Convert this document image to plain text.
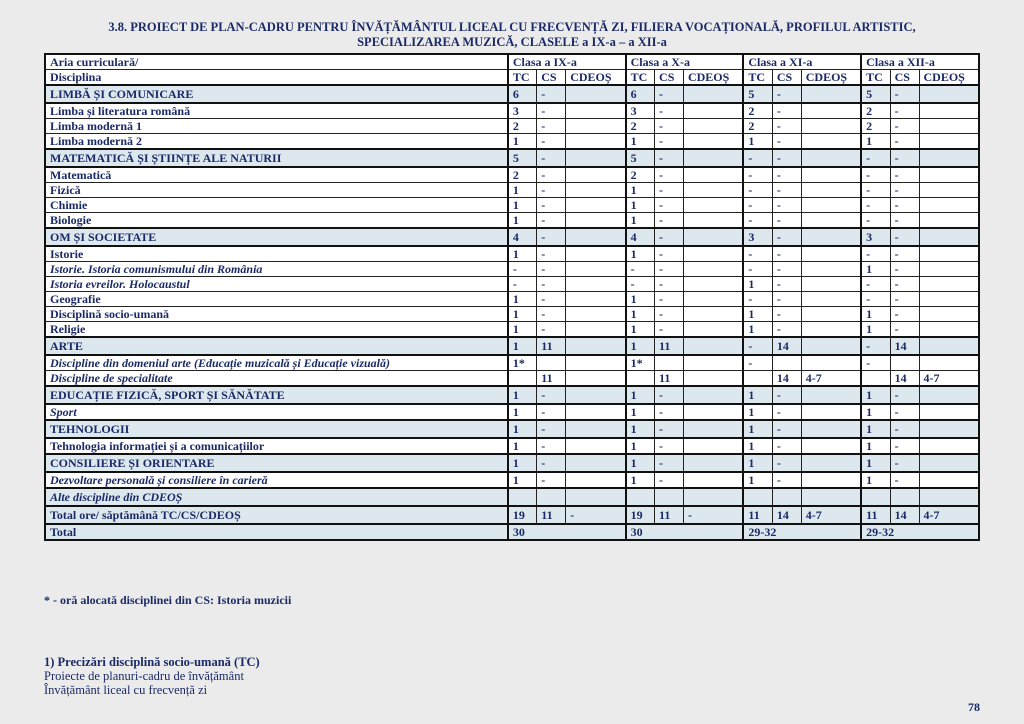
3.8. PROIECT DE PLAN-CADRU PENTRU ÎNVĂȚĂMÂNTUL LICEAL CU FRECVENȚĂ ZI, FILIERA VOCAȚIONALĂ, PROFILUL ARTISTIC,
SPECIALIZAREA MUZICĂ, CLASELE a IX-a – a XII-a
Aria curriculară/	Clasa a IX-a			Clasa a X-a			Clasa a XI-a			Clasa a XII-a		
Disciplina	TC	CS	CDEOȘ	TC	CS	CDEOȘ	TC	CS	CDEOȘ	TC	CS	CDEOȘ
LIMBĂ ȘI COMUNICARE	6	-		6	-		5	-		5	-	
Limba și literatura română	3	-		3	-		2	-		2	-	
Limba modernă 1	2	-		2	-		2	-		2	-	
Limba modernă 2	1	-		1	-		1	-		1	-	
MATEMATICĂ ȘI ȘTIINȚE ALE NATURII	5	-		5	-		-	-		-	-	
Matematică	2	-		2	-		-	-		-	-	
Fizică	1	-		1	-		-	-		-	-	
Chimie	1	-		1	-		-	-		-	-	
Biologie	1	-		1	-		-	-		-	-	
OM ȘI SOCIETATE	4	-		4	-		3	-		3	-	
Istorie	1	-		1	-		-	-		-	-	
Istorie. Istoria comunismului din România	-	-		-	-		-	-		1	-	
Istoria evreilor. Holocaustul	-	-		-	-		1	-		-	-	
Geografie	1	-		1	-		-	-		-	-	
Disciplină socio-umană	1	-		1	-		1	-		1	-	
Religie	1	-		1	-		1	-		1	-	
ARTE	1	11		1	11		-	14		-	14	
Discipline din domeniul arte (Educație muzicală și Educație vizuală)	1*			1*			-			-		
Discipline de specialitate		11			11			14	4-7		14	4-7
EDUCAȚIE FIZICĂ, SPORT ȘI SĂNĂTATE	1	-		1	-		1	-		1	-	
Sport	1	-		1	-		1	-		1	-	
TEHNOLOGII	1	-		1	-		1	-		1	-	
Tehnologia informației și a comunicațiilor	1	-		1	-		1	-		1	-	
CONSILIERE ȘI ORIENTARE	1	-		1	-		1	-		1	-	
Dezvoltare personală și consiliere în carieră	1	-		1	-		1	-		1	-	
Alte discipline din CDEOȘ												
Total ore/ săptămână TC/CS/CDEOȘ	19	11	-	19	11	-	11	14	4-7	11	14	4-7
Total	30			30			29-32			29-32		
* - oră alocată disciplinei din CS: Istoria muzicii
1) Precizări disciplină socio-umană (TC)
Proiecte de planuri-cadru de învățământ
Învățământ liceal cu frecvență zi
78
